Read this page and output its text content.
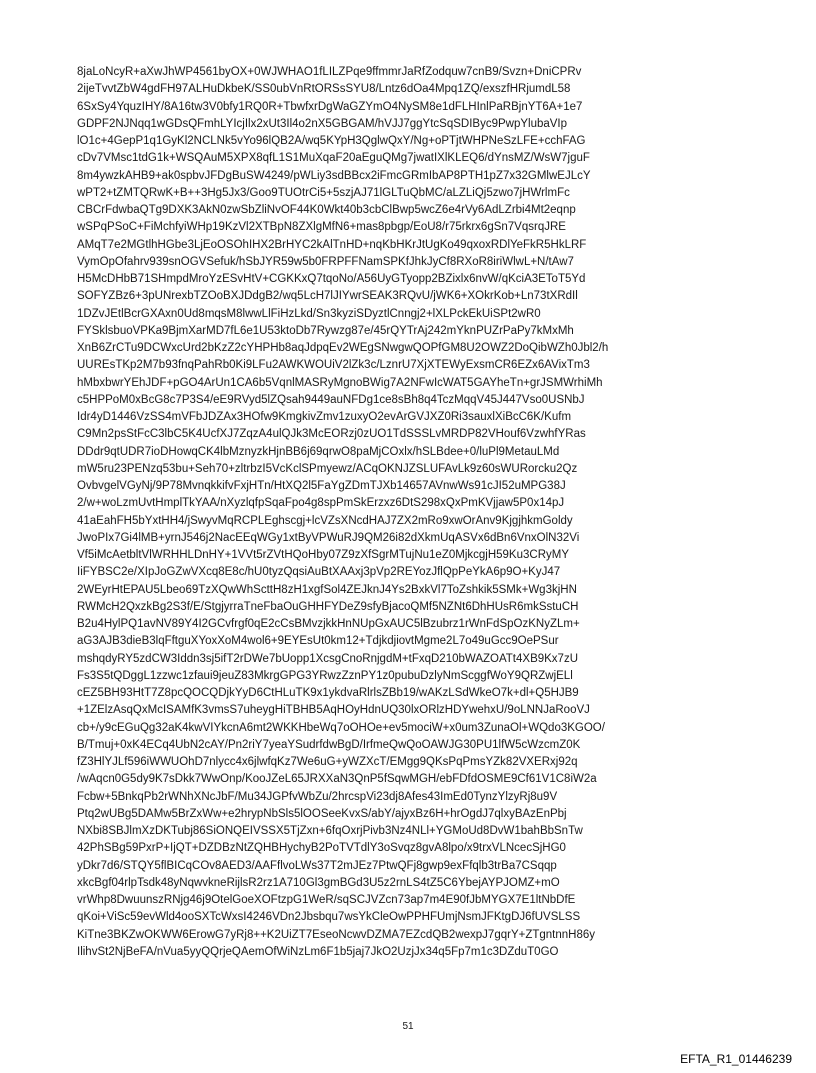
8jaLoNcyR+aXwJhWP4561byOX+0WJWHAO1fLILZPqe9ffmmrJaRfZodquw7cnB9/Svzn+DniCPRv
2ijeTvvtZbW4gdFH97ALHuDkbeK/SS0ubVnRtORSsSYU8/Lntz6dOa4Mpq1ZQ/exszfHRjumdL58
6SxSy4YquzIHY/8A16tw3V0bfy1RQ0R+TbwfxrDgWaGZYmO4NySM8e1dFLHInlPaRBjnYT6A+1e7
GDPF2NJNqq1wGDsQFmhLYIcjIlx2xUt3Il4o2nX5GBGAM/hVJJ7ggYtcSqSDIByc9PwpYlubaVIp
lO1c+4GepP1q1GyKl2NCLNk5vYo96lQB2A/wq5KYpH3QglwQxY/Ng+oPTjtWHPNeSzLFE+cchFAG
cDv7VMsc1tdG1k+WSQAuM5XPX8qfL1S1MuXqaF20aEguQMg7jwatIXlKLEQ6/dYnsMZ/WsW7jguF
8m4ywzkAHB9+ak0spbvJFDgBuSW4249/pWLiy3sdBBcx2iFmcGRmIbAP8PTH1pZ7x32GMlwEJLcY
wPT2+tZMTQRwK+B++3Hg5Jx3/Goo9TUOtrCi5+5szjAJ71lGLTuQbMC/aLZLiQj5zwo7jHWrlmFc
CBCrFdwbaQTg9DXK3AkN0zwSbZliNvOF44K0Wkt40b3cbClBwp5wcZ6e4rVy6AdLZrbi4Mt2eqnp
wSPqPSoC+FiMchfyiWHp19KzVl2XTBpN8ZXlgMfN6+mas8pbgp/EoU8/r75rkrx6gSn7VqsrqJRE
AMqT7e2MGtlhHGbe3LjEoOSOhIHX2BrHYC2kAlTnHD+nqKbHKrJtUgKo49qxoxRDlYeFkR5HkLRF
VymOpOfahrv939snOGVSefuk/hSbJYR59w5b0FRPFFNamSPKfJhkJyCf8RXoR8iriWlwL+N/tAw7
H5McDHbB71SHmpdMroYzESvHtV+CGKKxQ7tqoNo/A56UyGTyopp2BZixlx6nvW/qKciA3EToT5Yd
SOFYZBz6+3pUNrexbTZOoBXJDdgB2/wq5LcH7lJIYwrSEAK3RQvU/jWK6+XOkrKob+Ln73tXRdIl
1DZvJEtlBcrGXAxn0Ud8mqsM8lwwLlFiHzLkd/Sn3kyziSDyztlCnngj2+lXLPckEkUiSPt2wR0
FYSklsbuoVPKa9BjmXarMD7fL6e1U53ktoDb7Rywzg87e/45rQYTrAj242mYknPUZrPaPy7kMxMh
XnB6ZrCTu9DCWxcUrd2bKzZ2cYHPHb8aqJdpqEv2WEgSNwgwQOPfGM8U2OWZ2DoQibWZh0Jbl2/h
UUREsTKp2M7b93fnqPahRb0Ki9LFu2AWKWOUiV2lZk3c/LznrU7XjXTEWyExsmCR6EZx6AVixTm3
hMbxbwrYEhJDF+pGO4ArUn1CA6b5VqnlMASRyMgnoBWig7A2NFwIcWAT5GAYheTn+grJSMWrhiMh
c5HPPoM0xBcG8c7P3S4/eE9RVyd5lZQsah9449auNFDg1ce8sBh8q4TczMqqV45J447Vso0USNbJ
Idr4yD1446VzSS4mVFbJDZAx3HOfw9KmgkivZmv1zuxyO2evArGVJXZ0Ri3sauxlXiBcC6K/Kufm
C9Mn2psStFcC3lbC5K4UcfXJ7ZqzA4ulQJk3McEORzj0zUO1TdSSSLvMRDP82VHouf6VzwhfYRas
DDdr9qtUDR7ioDHowqCK4lbMznyzkHjnBB6j69qrwO8paMjCOxlx/hSLBdee+0/luPl9MetauLMd
mW5ru23PENzq53bu+Seh70+zltrbzI5VcKclSPmyewz/ACqOKNJZSLUFAvLk9z60sWURorcku2Qz
OvbvgelVGyNj/9P78MvnqkkifvFxjHTn/HtXQ2l5FaYgZDmTJXb14657AVnwWs91cJI52uMPG38J
2/w+woLzmUvtHmplTkYAA/nXyzlqfpSqaFpo4g8spPmSkErzxz6DtS298xQxPmKVjjaw5P0x14pJ
41aEahFH5bYxtHH4/jSwyvMqRCPLEghscgj+lcVZsXNcdHAJ7ZX2mRo9xwOrAnv9KjgjhkmGoldy
JwoPIx7Gi4lMB+yrnJ546j2NacEEqWGy1xtByVPWuRJ9QM26i82dXkmUqASVx6dBn6VnxOlN32Vi
Vf5iMcAetbltVlWRHHLDnHY+1VVt5rZVtHQoHby07Z9zXfSgrMTujNu1eZ0MjkcgjH59Ku3CRyMY
IiFYBSC2e/XIpJoGZwVXcq8E8c/hU0tyzQqsiAuBtXAAxj3pVp2REYozJflQpPeYkA6p9O+KyJ47
2WEyrHtEPAU5Lbeo69TzXQwWhScttH8zH1xgfSol4ZEJknJ4Ys2BxkVl7ToZshkik5SMk+Wg3kjHN
RWMcH2QxzkBg2S3f/E/StgjyrraTneFbaOuGHHFYDeZ9sfyBjacoQMf5NZNt6DhHUsR6mkSstuCH
B2u4HylPQ1avNV89Y4I2GCvfrgf0qE2cCsBMvzjkkHnNUpGxAUC5lBzubrz1rWnFdSpOzKNyZLm+
aG3AJB3dieB3lqFftguXYoxXoM4wol6+9EYEsUt0km12+TdjkdjiovtMgme2L7o49uGcc9OePSur
mshqdyRY5zdCW3Iddn3sj5ifT2rDWe7bUopp1XcsgCnoRnjgdM+tFxqD210bWAZOATt4XB9Kx7zU
Fs3S5tQDggL1zzwc1zfaui9jeuZ83MkrgGPG3YRwzZznPY1z0pubuDzlyNmScggfWoY9QRZwjELl
cEZ5BH93HtT7Z8pcQOCQDjkYyD6CtHLuTK9x1ykdvaRlrlsZBb19/wAKzLSdWkeO7k+dl+Q5HJB9
+1ZElzAsqQxMcISAMfK3vmsS7uheygHiTBHB5AqHOyHdnUQ30lxORlzHDYwehxU/9oLNNJaRooVJ
cb+/y9cEGuQg32aK4kwVIYkcnA6mt2WKKHbeWq7oOHOe+ev5mociW+x0um3ZunaOl+WQdo3KGOO/
B/Tmuj+0xK4ECq4UbN2cAY/Pn2riY7yeaYSudrfdwBgD/IrfmeQwQoOAWJG30PU1lfW5cWzcmZ0K
fZ3HlYJLf596iWWUOhD7nlycc4x6jlwfqKz7We6uG+yWZXcT/EMgg9QKsPqPmsYZk82VXERxj92q
/wAqcn0G5dy9K7sDkk7WwOnp/KooJZeL65JRXXaN3QnP5fSqwMGH/ebFDfdOSME9Cf61V1C8iW2a
Fcbw+5BnkqPb2rWNhXNcJbF/Mu34JGPfvWbZu/2hrcspVi23dj8Afes43ImEd0TynzYlzyRj8u9V
Ptq2wUBg5DAMw5BrZxWw+e2hrypNbSls5lOOSeeKvxS/abY/ajyxBz6H+hrOgdJ7qlxyBAzEnPbj
NXbi8SBJlmXzDKTubj86SiONQEIVSSX5TjZxn+6fqOxrjPivb3Nz4NLl+YGMoUd8DvW1bahBbSnTw
42PhSBg59PxrP+IjQT+DZDBzNtZQHBHychyB2PoTVTdlY3oSvqz8gvA8lpo/x9trxVLNcecSjHG0
yDkr7d6/STQY5flBICqCOv8AED3/AAFflvoLWs37T2mJEz7PtwQFj8gwp9exFfqlb3trBa7CSqqp
xkcBgf04rlpTsdk48yNqwvkneRijlsR2rz1A710Gl3gmBGd3U5z2rnLS4tZ5C6YbejAYPJOMZ+mO
vrWhp8DwuunszRNjg46j9OtelGoeXOFtzpG1WeR/sqSCJVZcn73ap7m4E90fJbMYGX7E1ltNbDfE
qKoi+ViSc59evWld4ooSXTcWxsI4246VDn2Jbsbqu7wsYkCleOwPPHFUmjNsmJFKtgDJ6fUVSLSS
KiTne3BKZwOKWW6ErowG7yRj8++K2UiZT7EseoNcwvDZMA7EZcdQB2wexpJ7gqrY+ZTgntnnH86y
IlihvSt2NjBeFA/nVua5yyQQrjeQAemOfWiNzLm6F1b5jaj7JkO2UzjJx34q5Fp7m1c3DZduT0GO
51
EFTA_R1_01446239
